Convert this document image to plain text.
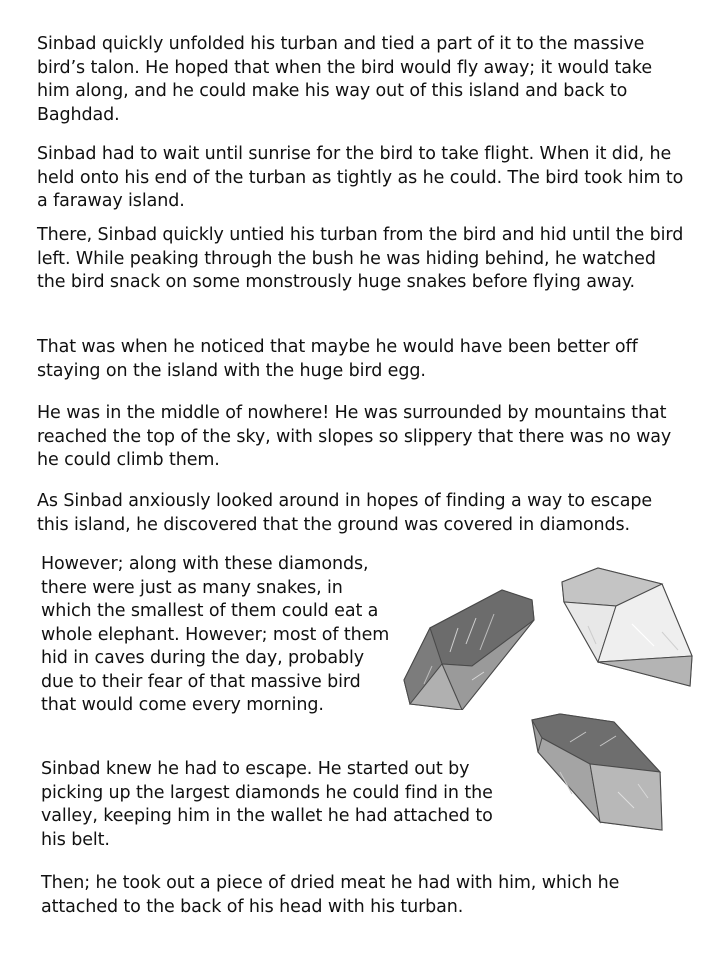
Sinbad quickly unfolded his turban and tied a part of it to the massive bird’s talon. He hoped that when the bird would fly away; it would take him along, and he could make his way out of this island and back to Baghdad.

Sinbad had to wait until sunrise for the bird to take flight. When it did, he held onto his end of the turban as tightly as he could. The bird took him to a faraway island.

There, Sinbad quickly untied his turban from the bird and hid until the bird left. While peaking through the bush he was hiding behind, he watched the bird snack on some monstrously huge snakes before flying away.

That was when he noticed that maybe he would have been better off staying on the island with the huge bird egg.

He was in the middle of nowhere! He was surrounded by mountains that reached the top of the sky, with slopes so slippery that there was no way he could climb them.

As Sinbad anxiously looked around in hopes of finding a way to escape this island, he discovered that the ground was covered in diamonds.

However; along with these diamonds, there were just as many snakes, in which the smallest of them could eat a whole elephant. However; most of them hid in caves during the day, probably due to their fear of that massive bird that would come every morning.

Sinbad knew he had to escape. He started out by picking up the largest diamonds he could find in the valley, keeping him in the wallet he had attached to his belt.

Then; he took out a piece of dried meat he had with him, which he attached to the back of his head with his turban.
